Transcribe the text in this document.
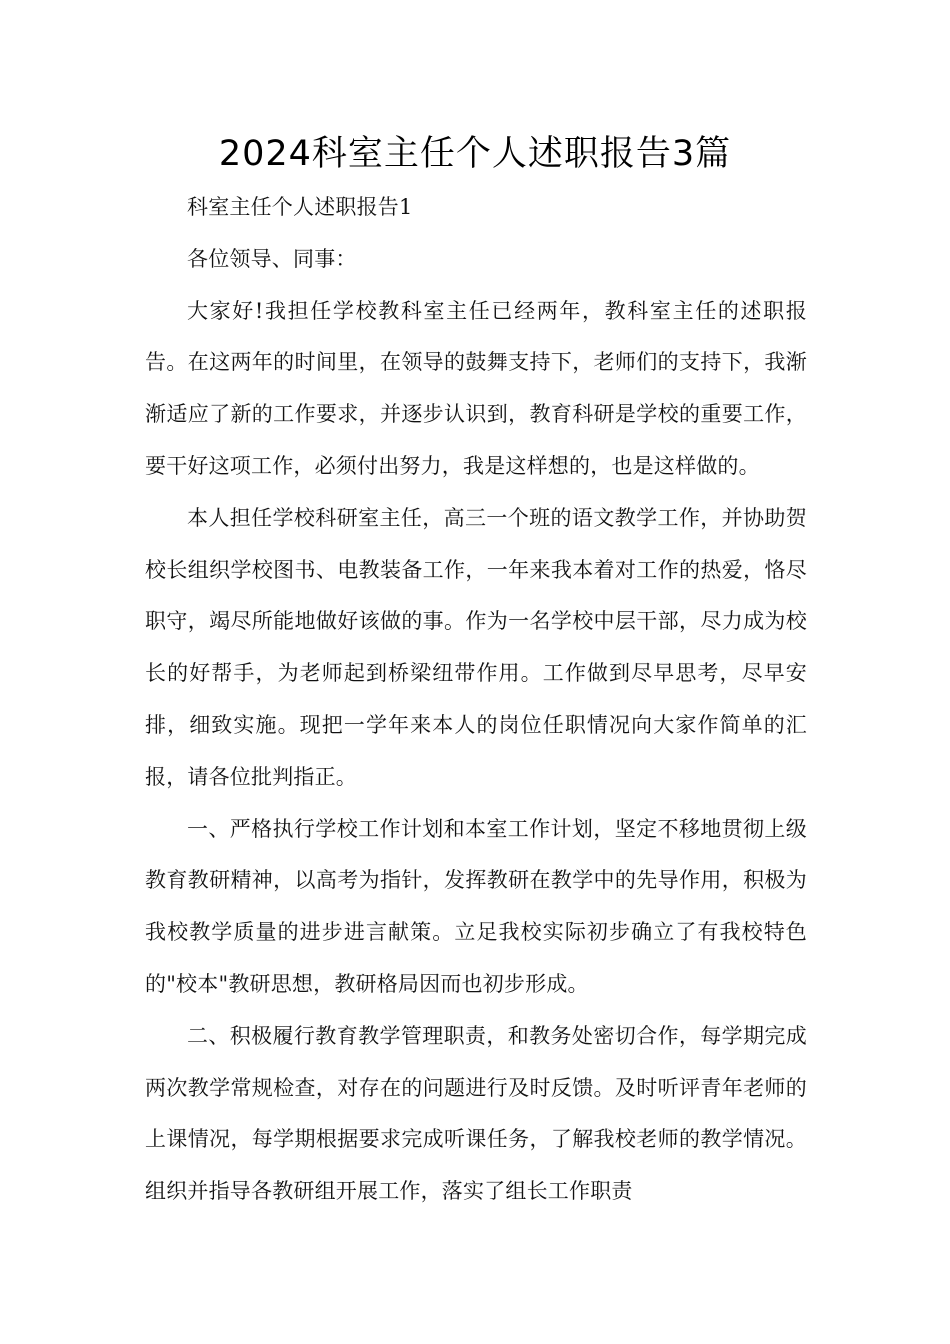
2024科室主任个人述职报告3篇

科室主任个人述职报告1

各位领导、同事：

大家好!我担任学校教科室主任已经两年，教科室主任的述职报告。在这两年的时间里，在领导的鼓舞支持下，老师们的支持下，我渐渐适应了新的工作要求，并逐步认识到，教育科研是学校的重要工作，要干好这项工作，必须付出努力，我是这样想的，也是这样做的。

本人担任学校科研室主任，高三一个班的语文教学工作，并协助贺校长组织学校图书、电教装备工作，一年来我本着对工作的热爱，恪尽职守，竭尽所能地做好该做的事。作为一名学校中层干部，尽力成为校长的好帮手，为老师起到桥梁纽带作用。工作做到尽早思考，尽早安排，细致实施。现把一学年来本人的岗位任职情况向大家作简单的汇报，请各位批判指正。

一、严格执行学校工作计划和本室工作计划，坚定不移地贯彻上级教育教研精神，以高考为指针，发挥教研在教学中的先导作用，积极为我校教学质量的进步进言献策。立足我校实际初步确立了有我校特色的"校本"教研思想，教研格局因而也初步形成。

二、积极履行教育教学管理职责，和教务处密切合作，每学期完成两次教学常规检查，对存在的问题进行及时反馈。及时听评青年老师的上课情况，每学期根据要求完成听课任务，了解我校老师的教学情况。组织并指导各教研组开展工作，落实了组长工作职责
